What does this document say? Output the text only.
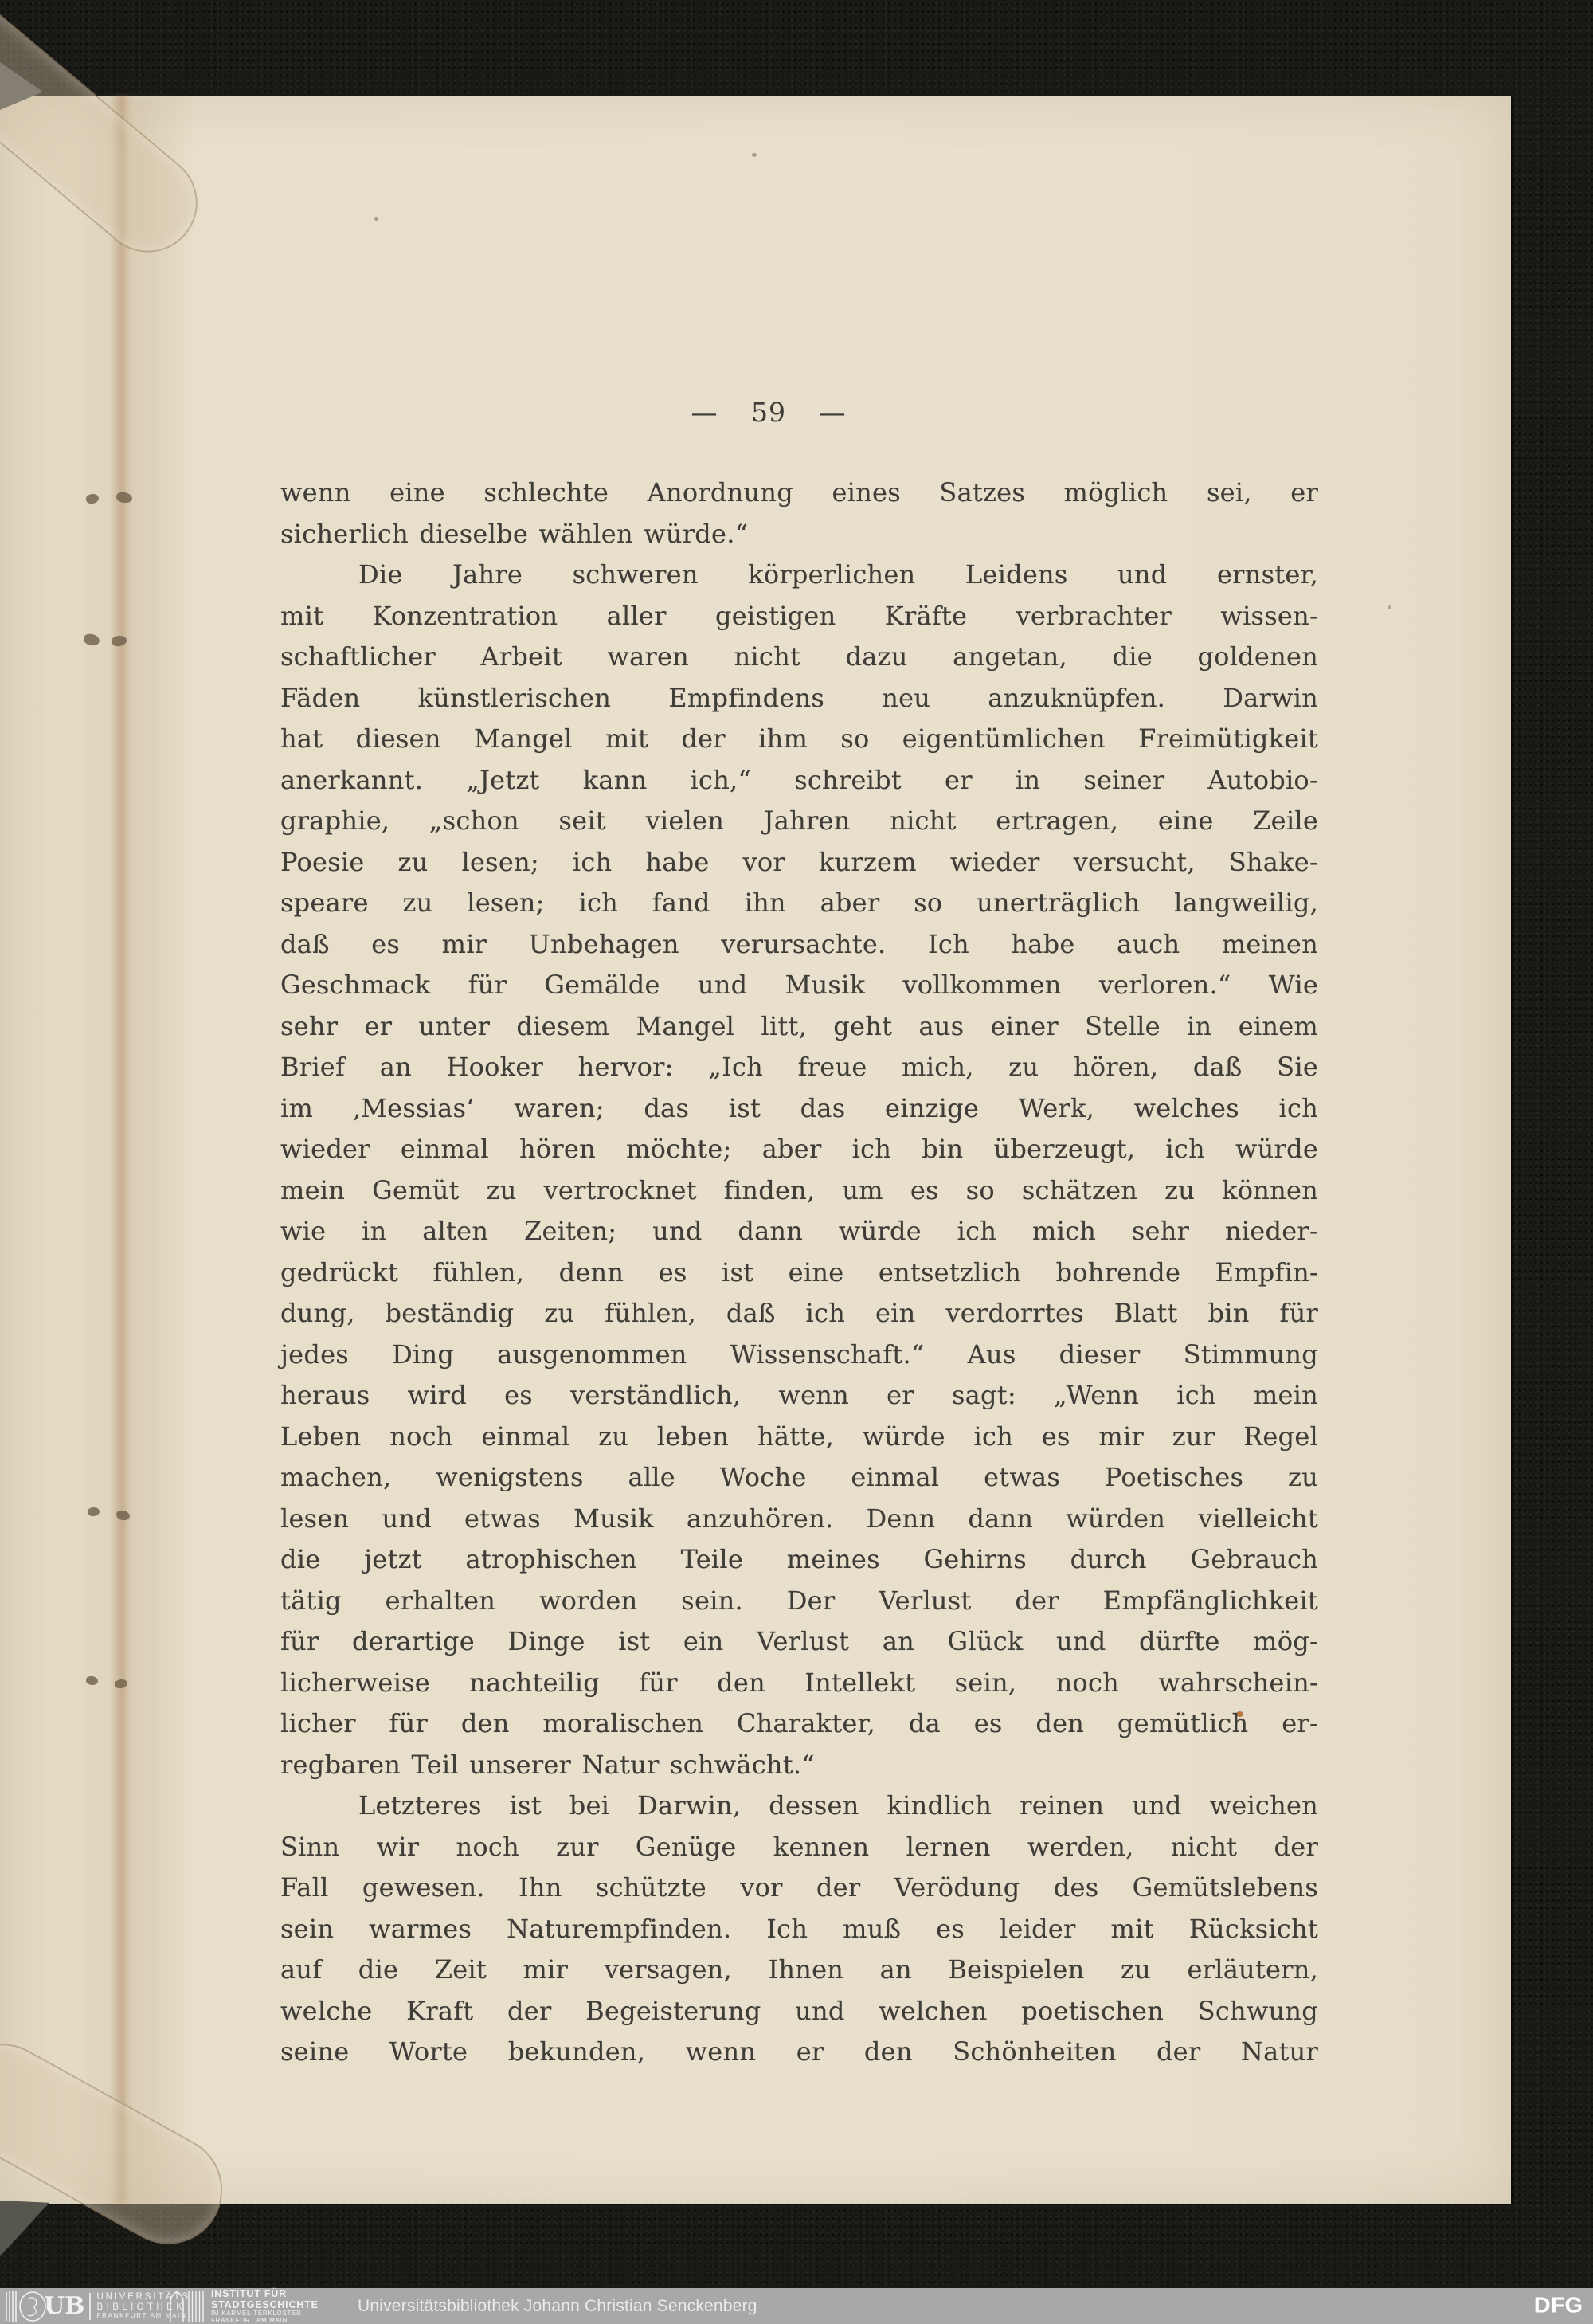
— 59 —
wenn eine schlechte Anordnung eines Satzes möglich sei, er
sicherlich dieselbe wählen würde.“
Die Jahre schweren körperlichen Leidens und ernster,
mit Konzentration aller geistigen Kräfte verbrachter wissen-
schaftlicher Arbeit waren nicht dazu angetan, die goldenen
Fäden künstlerischen Empfindens neu anzuknüpfen. Darwin
hat diesen Mangel mit der ihm so eigentümlichen Freimütigkeit
anerkannt. „Jetzt kann ich,“ schreibt er in seiner Autobio-
graphie, „schon seit vielen Jahren nicht ertragen, eine Zeile
Poesie zu lesen; ich habe vor kurzem wieder versucht, Shake-
speare zu lesen; ich fand ihn aber so unerträglich langweilig,
daß es mir Unbehagen verursachte. Ich habe auch meinen
Geschmack für Gemälde und Musik vollkommen verloren.“ Wie
sehr er unter diesem Mangel litt, geht aus einer Stelle in einem
Brief an Hooker hervor: „Ich freue mich, zu hören, daß Sie
im ‚Messias‘ waren; das ist das einzige Werk, welches ich
wieder einmal hören möchte; aber ich bin überzeugt, ich würde
mein Gemüt zu vertrocknet finden, um es so schätzen zu können
wie in alten Zeiten; und dann würde ich mich sehr nieder-
gedrückt fühlen, denn es ist eine entsetzlich bohrende Empfin-
dung, beständig zu fühlen, daß ich ein verdorrtes Blatt bin für
jedes Ding ausgenommen Wissenschaft.“ Aus dieser Stimmung
heraus wird es verständlich, wenn er sagt: „Wenn ich mein
Leben noch einmal zu leben hätte, würde ich es mir zur Regel
machen, wenigstens alle Woche einmal etwas Poetisches zu
lesen und etwas Musik anzuhören. Denn dann würden vielleicht
die jetzt atrophischen Teile meines Gehirns durch Gebrauch
tätig erhalten worden sein. Der Verlust der Empfänglichkeit
für derartige Dinge ist ein Verlust an Glück und dürfte mög-
licherweise nachteilig für den Intellekt sein, noch wahrschein-
licher für den moralischen Charakter, da es den gemütlich er-
regbaren Teil unserer Natur schwächt.“
Letzteres ist bei Darwin, dessen kindlich reinen und weichen
Sinn wir noch zur Genüge kennen lernen werden, nicht der
Fall gewesen. Ihn schützte vor der Verödung des Gemütslebens
sein warmes Naturempfinden. Ich muß es leider mit Rücksicht
auf die Zeit mir versagen, Ihnen an Beispielen zu erläutern,
welche Kraft der Begeisterung und welchen poetischen Schwung
seine Worte bekunden, wenn er den Schönheiten der Natur
UB UNIVERSITÄTS
BIBLIOTHEK
FRANKFURT AM MAIN
INSTITUT FÜR
STADTGESCHICHTE
IM KARMELITERKLOSTER
FRANKFURT AM MAIN
Universitätsbibliothek Johann Christian Senckenberg	DFG
